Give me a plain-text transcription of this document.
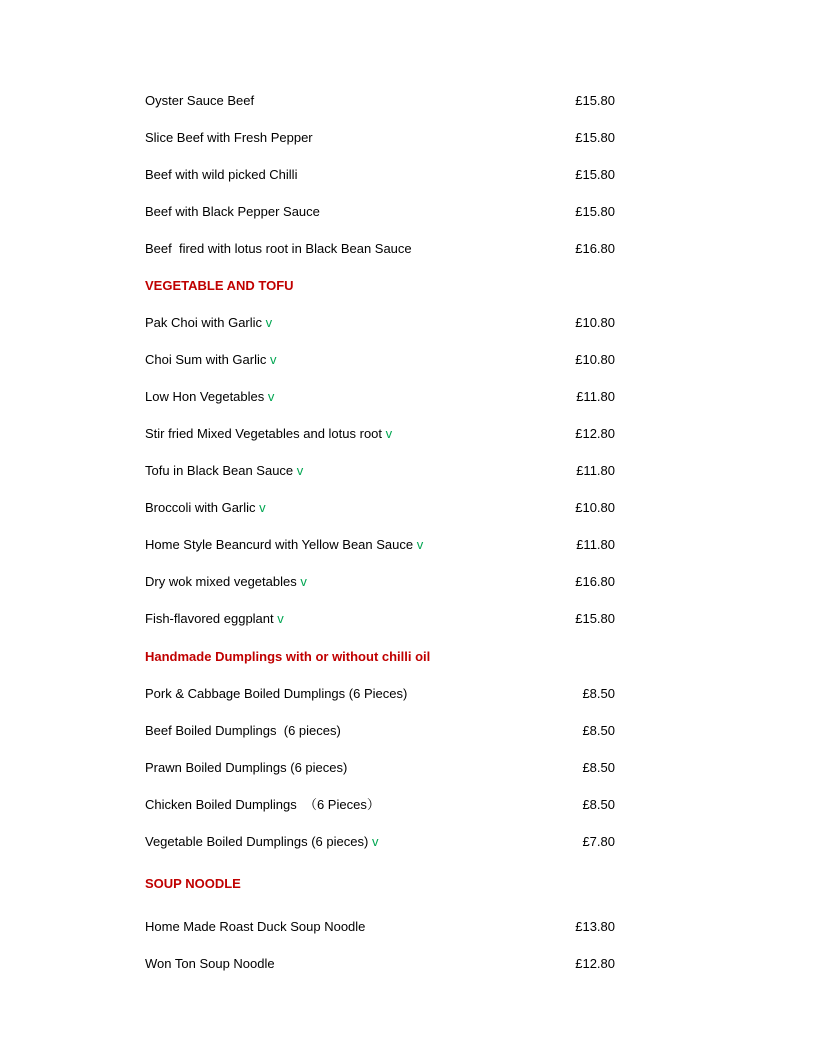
Oyster Sauce Beef	£15.80
Slice Beef with Fresh Pepper	£15.80
Beef with wild picked Chilli	£15.80
Beef with Black Pepper Sauce	£15.80
Beef  fired with lotus root in Black Bean Sauce	£16.80
VEGETABLE AND TOFU
Pak Choi with Garlic v	£10.80
Choi Sum with Garlic v	£10.80
Low Hon Vegetables v	£11.80
Stir fried Mixed Vegetables and lotus root v	£12.80
Tofu in Black Bean Sauce v	£11.80
Broccoli with Garlic v	£10.80
Home Style Beancurd with Yellow Bean Sauce v	£11.80
Dry wok mixed vegetables v	£16.80
Fish-flavored eggplant v	£15.80
Handmade Dumplings with or without chilli oil
Pork & Cabbage Boiled Dumplings (6 Pieces)	£8.50
Beef Boiled Dumplings  (6 pieces)	£8.50
Prawn Boiled Dumplings (6 pieces)	£8.50
Chicken Boiled Dumplings  （6 Pieces）	£8.50
Vegetable Boiled Dumplings (6 pieces) v	£7.80
SOUP NOODLE
Home Made Roast Duck Soup Noodle	£13.80
Won Ton Soup Noodle	£12.80
